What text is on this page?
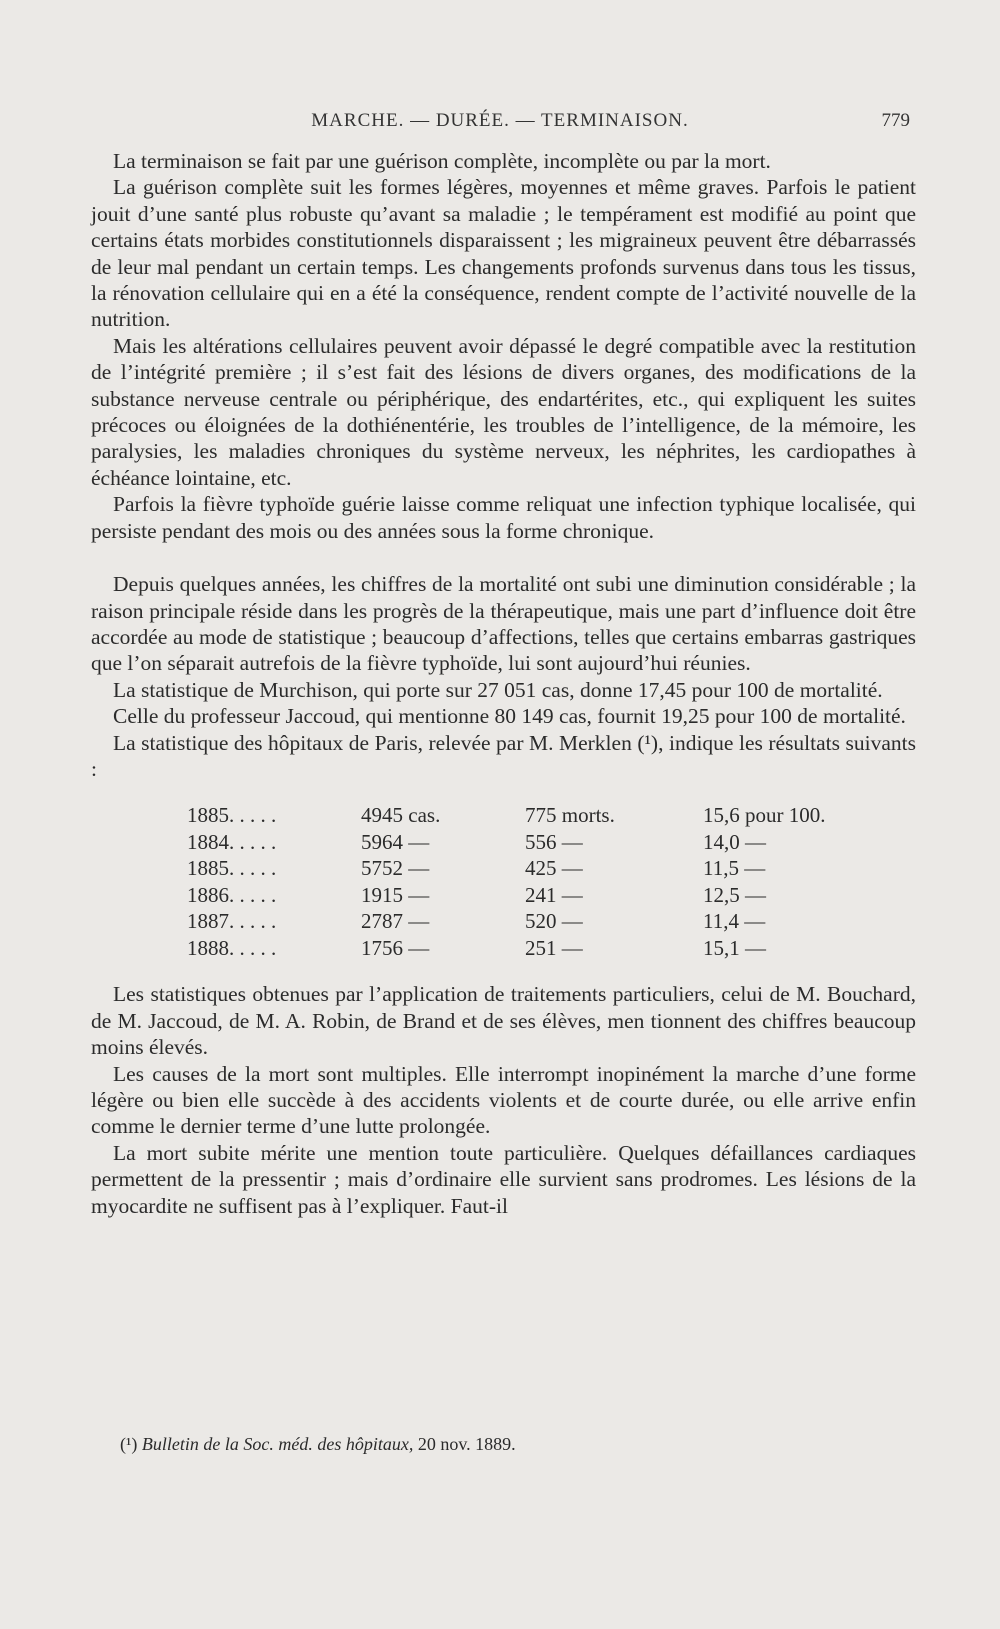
MARCHE. — DURÉE. — TERMINAISON.	779

La terminaison se fait par une guérison complète, incomplète ou par la mort.

La guérison complète suit les formes légères, moyennes et même graves. Parfois le patient jouit d’une santé plus robuste qu’avant sa maladie ; le tempérament est modifié au point que certains états morbides constitutionnels disparaissent ; les migraineux peuvent être débarrassés de leur mal pendant un certain temps. Les changements profonds survenus dans tous les tissus, la rénovation cellulaire qui en a été la conséquence, rendent compte de l’activité nouvelle de la nutrition.

Mais les altérations cellulaires peuvent avoir dépassé le degré compatible avec la restitution de l’intégrité première ; il s’est fait des lésions de divers organes, des modifications de la substance nerveuse centrale ou périphérique, des endartérites, etc., qui expliquent les suites précoces ou éloignées de la dothiénentérie, les troubles de l’intelligence, de la mémoire, les paralysies, les maladies chroniques du système nerveux, les néphrites, les cardiopathes à échéance lointaine, etc.

Parfois la fièvre typhoïde guérie laisse comme reliquat une infection typhique localisée, qui persiste pendant des mois ou des années sous la forme chronique.

Depuis quelques années, les chiffres de la mortalité ont subi une diminution considérable ; la raison principale réside dans les progrès de la thérapeutique, mais une part d’influence doit être accordée au mode de statistique ; beaucoup d’affections, telles que certains embarras gastriques que l’on séparait autrefois de la fièvre typhoïde, lui sont aujourd’hui réunies.

La statistique de Murchison, qui porte sur 27 051 cas, donne 17,45 pour 100 de mortalité.

Celle du professeur Jaccoud, qui mentionne 80 149 cas, fournit 19,25 pour 100 de mortalité.

La statistique des hôpitaux de Paris, relevée par M. Merklen (¹), indique les résultats suivants :

1885. . . . .	4945 cas.	775 morts.	15,6 pour 100.
1884. . . . .	5964 —	556 —	14,0 —
1885. . . . .	5752 —	425 —	11,5 —
1886. . . . .	1915 —	241 —	12,5 —
1887. . . . .	2787 —	520 —	11,4 —
1888. . . . .	1756 —	251 —	15,1 —

Les statistiques obtenues par l’application de traitements particuliers, celui de M. Bouchard, de M. Jaccoud, de M. A. Robin, de Brand et de ses élèves, men tionnent des chiffres beaucoup moins élevés.

Les causes de la mort sont multiples. Elle interrompt inopinément la marche d’une forme légère ou bien elle succède à des accidents violents et de courte durée, ou elle arrive enfin comme le dernier terme d’une lutte prolongée.

La mort subite mérite une mention toute particulière. Quelques défaillances cardiaques permettent de la pressentir ; mais d’ordinaire elle survient sans prodromes. Les lésions de la myocardite ne suffisent pas à l’expliquer. Faut-il

(¹) Bulletin de la Soc. méd. des hôpitaux, 20 nov. 1889.
